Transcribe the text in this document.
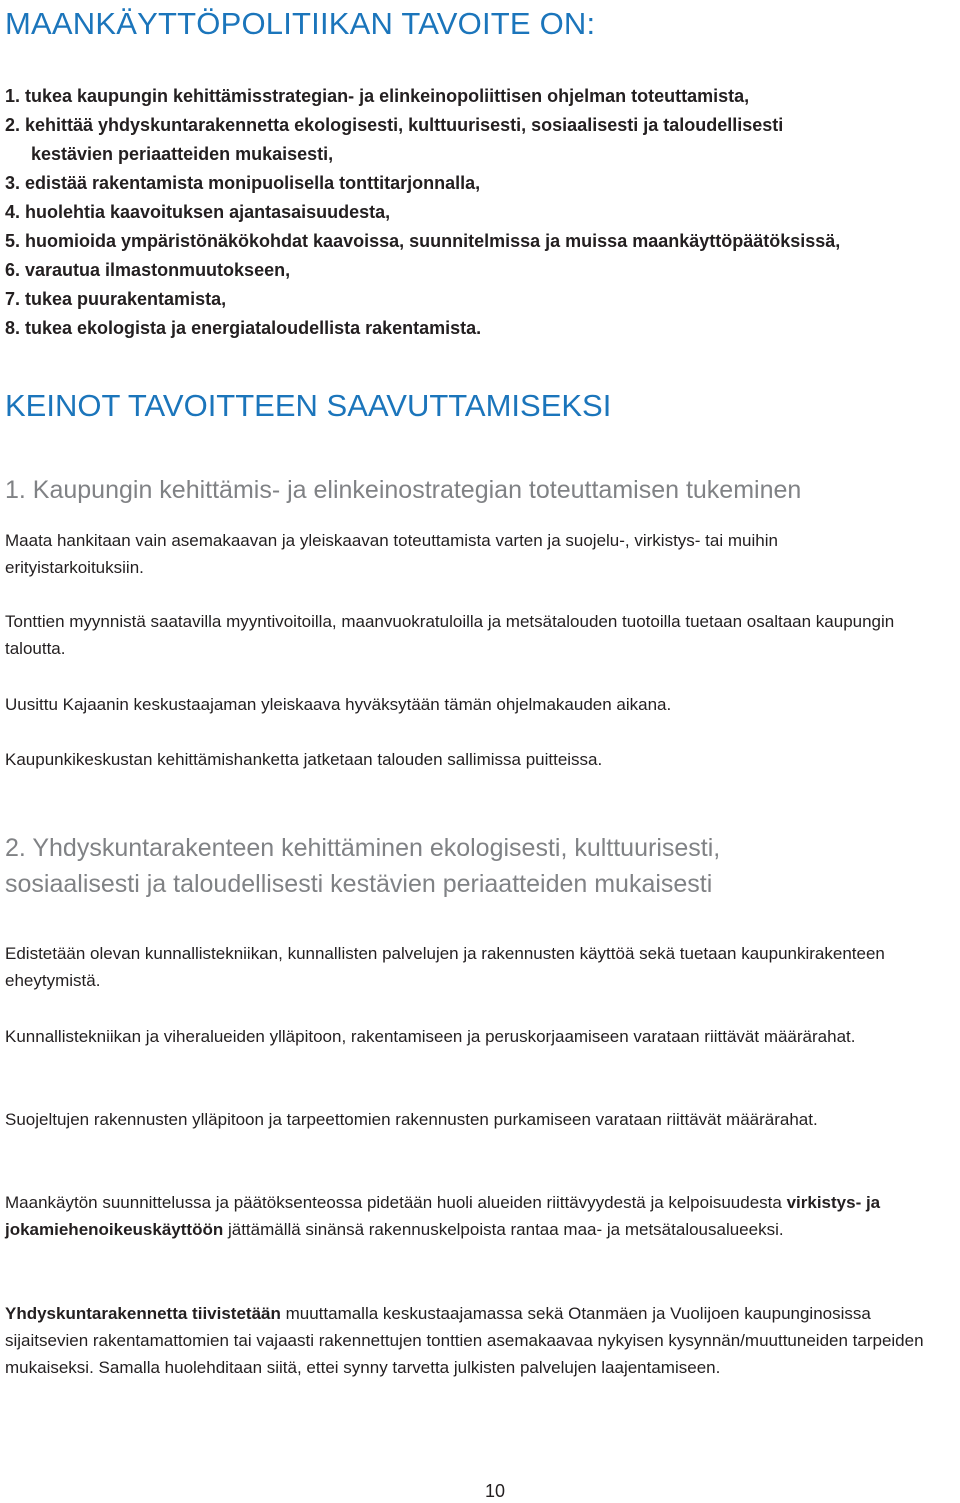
MAANKÄYTTÖPOLITIIKAN TAVOITE ON:
1. tukea kaupungin kehittämisstrategian- ja elinkeinopoliittisen ohjelman toteuttamista,
2. kehittää yhdyskuntarakennetta ekologisesti, kulttuurisesti, sosiaalisesti ja taloudellisesti
kestävien periaatteiden mukaisesti,
3. edistää rakentamista monipuolisella tonttitarjonnalla,
4. huolehtia kaavoituksen ajantasaisuudesta,
5. huomioida ympäristönäkökohdat kaavoissa, suunnitelmissa ja muissa maankäyttöpäätöksissä,
6. varautua ilmastonmuutokseen,
7. tukea puurakentamista,
8. tukea ekologista ja energiataloudellista rakentamista.
KEINOT TAVOITTEEN SAAVUTTAMISEKSI
1. Kaupungin kehittämis- ja elinkeinostrategian toteuttamisen tukeminen

Maata hankitaan vain asemakaavan ja yleiskaavan toteuttamista varten ja suojelu-, virkistys- tai muihin erityistarkoituksiin.

Tonttien myynnistä saatavilla myyntivoitoilla, maanvuokratuloilla ja metsätalouden tuotoilla tuetaan osaltaan kaupungin taloutta.

Uusittu Kajaanin keskustaajaman yleiskaava hyväksytään tämän ohjelmakauden aikana.

Kaupunkikeskustan kehittämishanketta jatketaan talouden sallimissa puitteissa.

2. Yhdyskuntarakenteen kehittäminen ekologisesti, kulttuurisesti,
sosiaalisesti ja taloudellisesti kestävien periaatteiden mukaisesti

Edistetään olevan kunnallistekniikan, kunnallisten palvelujen ja rakennusten käyttöä sekä tuetaan kaupunkirakenteen eheytymistä.

Kunnallistekniikan ja viheralueiden ylläpitoon, rakentamiseen ja peruskorjaamiseen varataan riittävät määrärahat.

Suojeltujen rakennusten ylläpitoon ja tarpeettomien rakennusten purkamiseen varataan riittävät määrärahat.

Maankäytön suunnittelussa ja päätöksenteossa pidetään huoli alueiden riittävyydestä ja kelpoisuudesta virkistys- ja jokamiehenoikeuskäyttöön jättämällä sinänsä rakennuskelpoista rantaa maa- ja metsätalousalueeksi.

Yhdyskuntarakennetta tiivistetään muuttamalla keskustaajamassa sekä Otanmäen ja Vuolijoen kaupunginosissa sijaitsevien rakentamattomien tai vajaasti rakennettujen tonttien asemakaavaa nykyisen kysynnän/muuttuneiden tarpeiden mukaiseksi. Samalla huolehditaan siitä, ettei synny tarvetta julkisten palvelujen laajentamiseen.

10
